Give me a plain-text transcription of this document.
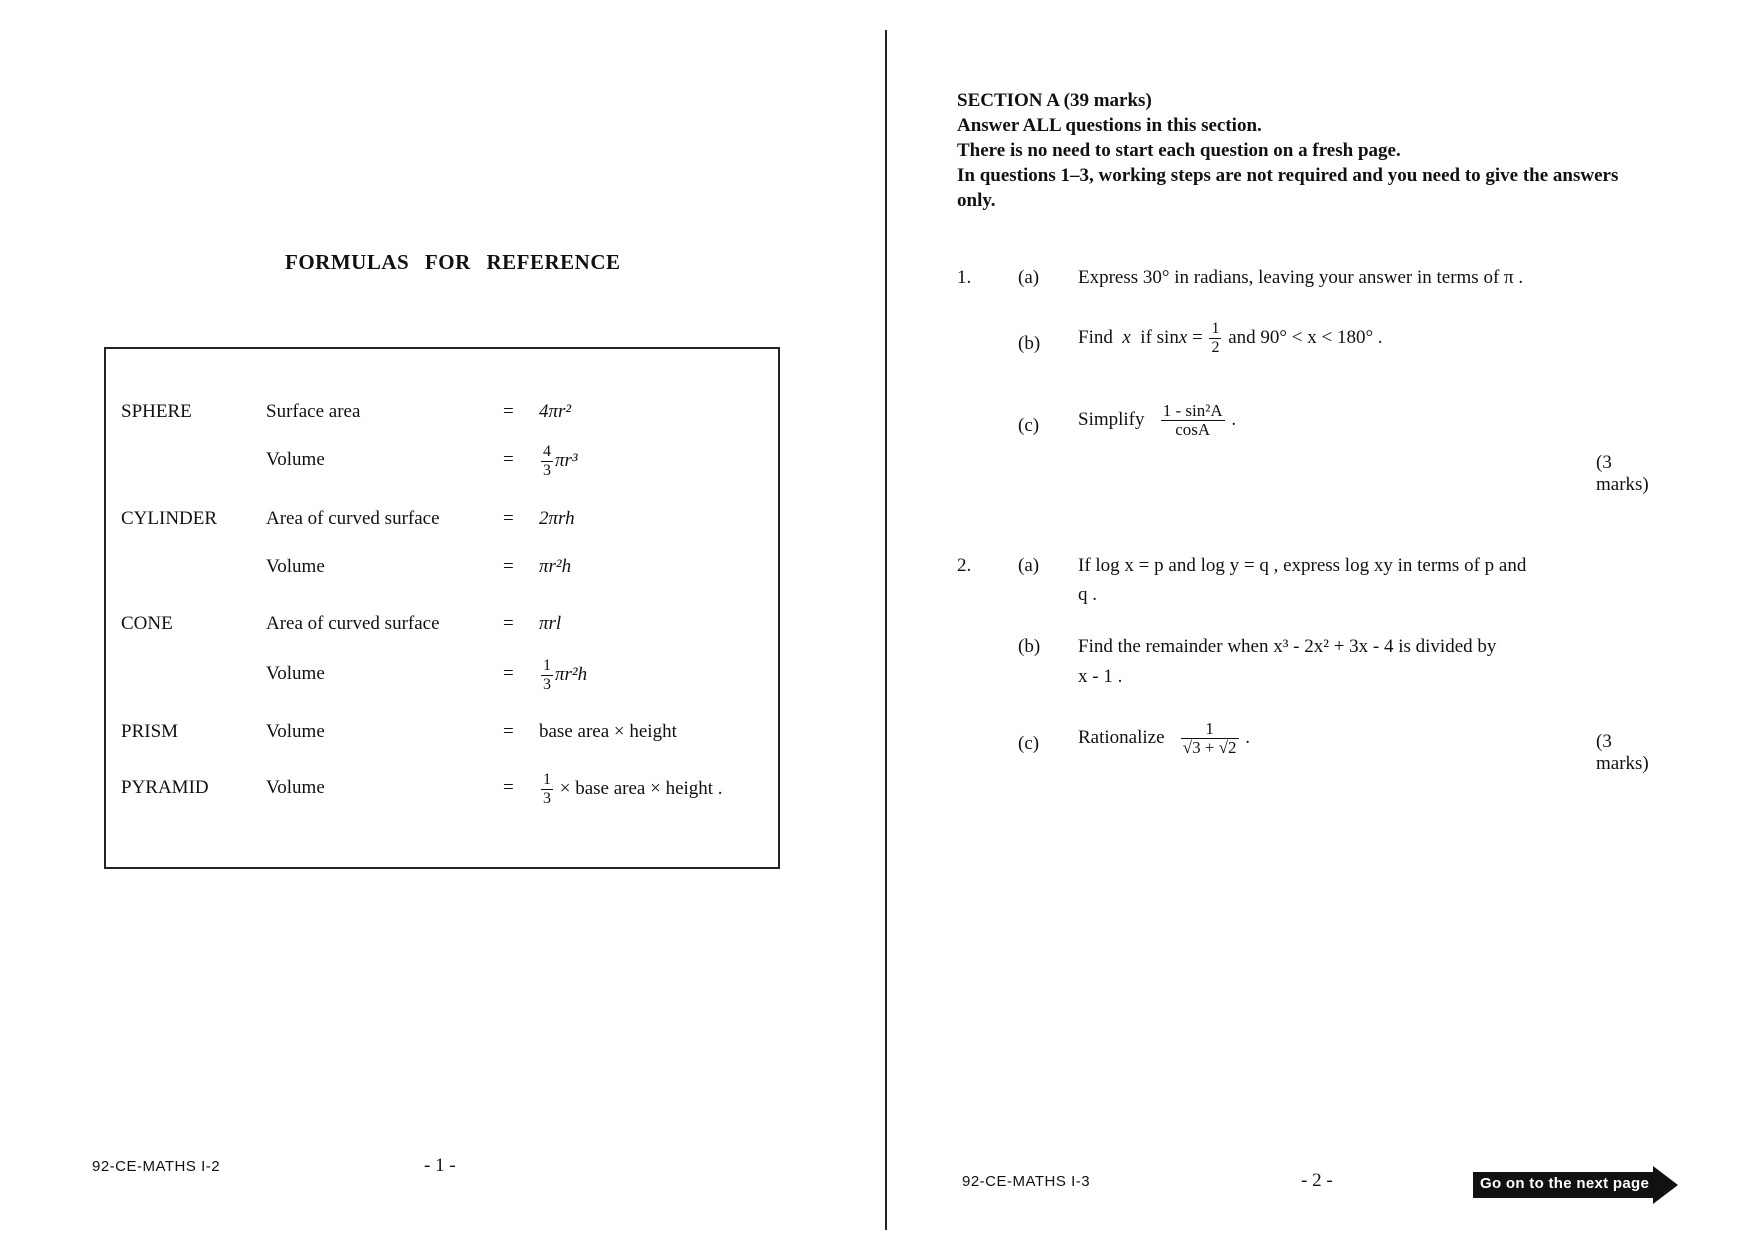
FORMULAS FOR REFERENCE
SPHERE	Surface area	= 4πr²
Volume	= $\frac{4}{3} \pi r^3$
CYLINDER	Area of curved surface	= 2πrh
Volume	= πr²h
CONE	Area of curved surface	= πrl
Volume	= $\frac{1}{3} \pi r^2h$
PRISM	Volume	= base area × height
PYRAMID	Volume	= $\frac{1}{3}$ × base area × height .
92-CE-MATHS I-2	- 1 -
SECTION A (39 marks)
Answer ALL questions in this section.
There is no need to start each question on a fresh page.
In questions 1–3, working steps are not required and you need to give the answers only.
1. (a) Express 30° in radians, leaving your answer in terms of π .
(b) Find x if $\sin x = \frac{1}{2}$ and 90° < x < 180° .
(c) Simplify $\frac{\text{1 - sin²A}}{\cos A}$ .
(3 marks)
2. (a) If log x = p and log y = q , express log xy in terms of p and
q .
(b) Find the remainder when x³ - 2x² + 3x - 4 is divided by
x - 1 .
(c) Rationalize $\frac{1}{√3 + √2}$ .	(3 marks)
92-CE-MATHS I-3	- 2 -	Go on to the next page
